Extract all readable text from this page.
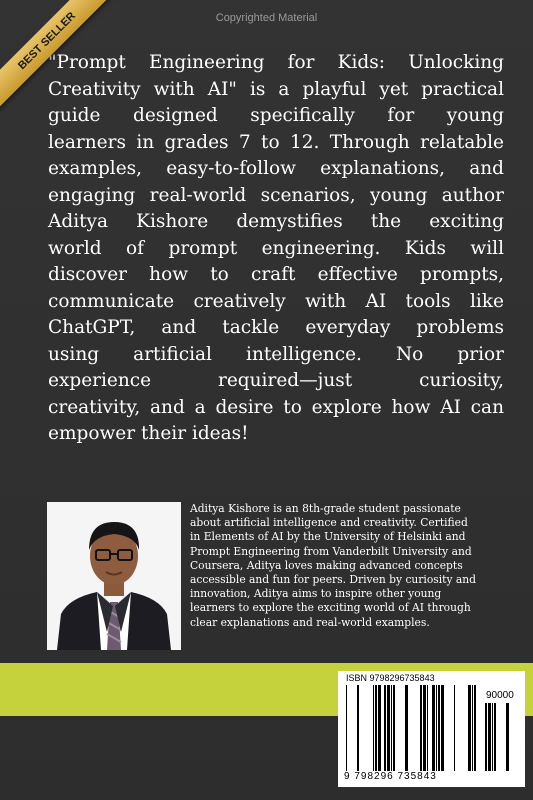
Copyrighted Material
BEST SELLER

"Prompt Engineering for Kids: Unlocking
Creativity with AI" is a playful yet practical
guide designed specifically for young
learners in grades 7 to 12. Through relatable
examples, easy-to-follow explanations, and
engaging real-world scenarios, young author
Aditya Kishore demystifies the exciting
world of prompt engineering. Kids will
discover how to craft effective prompts,
communicate creatively with AI tools like
ChatGPT, and tackle everyday problems
using artificial intelligence. No prior
experience required—just curiosity,
creativity, and a desire to explore how AI can
empower their ideas!

Aditya Kishore is an 8th-grade student passionate
about artificial intelligence and creativity. Certified
in Elements of AI by the University of Helsinki and
Prompt Engineering from Vanderbilt University and
Coursera, Aditya loves making advanced concepts
accessible and fun for peers. Driven by curiosity and
innovation, Aditya aims to inspire other young
learners to explore the exciting world of AI through
clear explanations and real-world examples.

ISBN 9798296735843
90000
9 798296 735843
